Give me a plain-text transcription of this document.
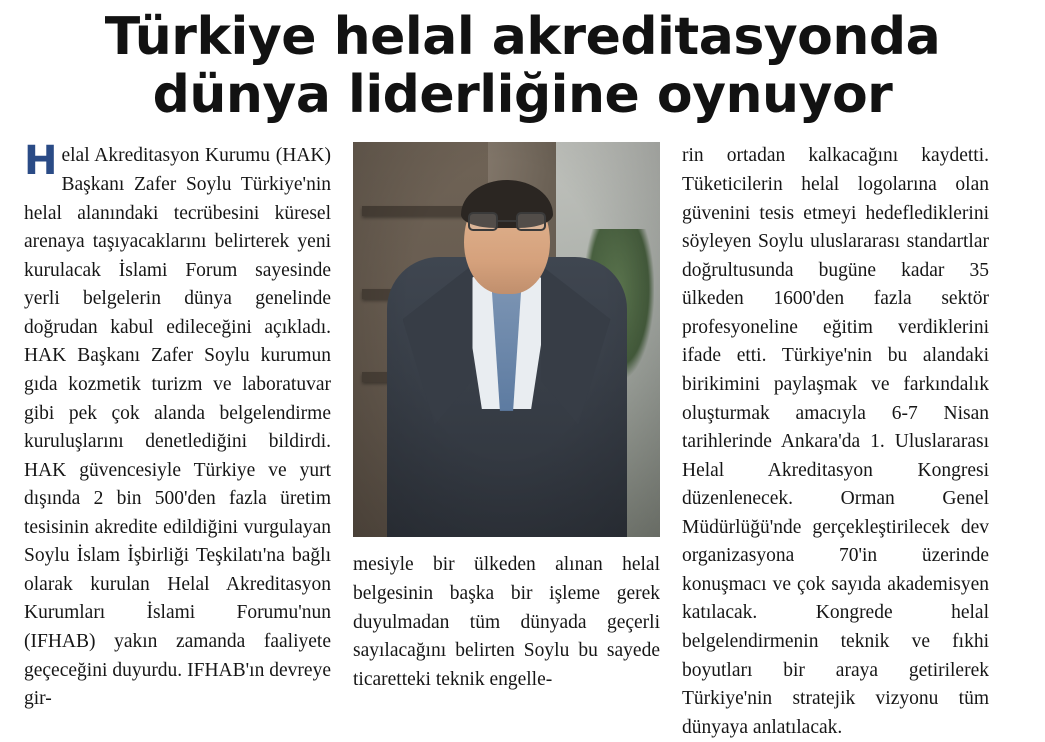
Türkiye helal akreditasyonda
dünya liderliğine oynuyor
H elal Akreditasyon Kurumu (HAK) Başkanı Zafer Soylu Türkiye'nin helal alanındaki tecrübesini küresel arenaya taşıyacaklarını belirterek yeni kurulacak İslami Forum sayesinde yerli belgelerin dünya genelinde doğrudan kabul edileceğini açıkladı. HAK Başkanı Zafer Soylu kurumun gıda kozmetik turizm ve laboratuvar gibi pek çok alanda belgelendirme kuruluşlarını denetlediğini bildirdi. HAK güvencesiyle Türkiye ve yurt dışında 2 bin 500'den fazla üretim tesisinin akredite edildiğini vurgulayan Soylu İslam İşbirliği Teşkilatı'na bağlı olarak kurulan Helal Akreditasyon Kurumları İslami Forumu'nun (IFHAB) yakın zamanda faaliyete geçeceğini duyurdu. IFHAB'ın devreye gir-

mesiyle bir ülkeden alınan helal belgesinin başka bir işleme gerek duyulmadan tüm dünyada geçerli sayılacağını belirten Soylu bu sayede ticaretteki teknik engelle-

rin ortadan kalkacağını kaydetti. Tüketicilerin helal logolarına olan güvenini tesis etmeyi hedeflediklerini söyleyen Soylu uluslararası standartlar doğrultusunda bugüne kadar 35 ülkeden 1600'den fazla sektör profesyoneline eğitim verdiklerini ifade etti. Türkiye'nin bu alandaki birikimini paylaşmak ve farkındalık oluşturmak amacıyla 6-7 Nisan tarihlerinde Ankara'da 1. Uluslararası Helal Akreditasyon Kongresi düzenlenecek. Orman Genel Müdürlüğü'nde gerçekleştirilecek dev organizasyona 70'in üzerinde konuşmacı ve çok sayıda akademisyen katılacak. Kongrede helal belgelendirmenin teknik ve fıkhi boyutları bir araya getirilerek Türkiye'nin stratejik vizyonu tüm dünyaya anlatılacak.
